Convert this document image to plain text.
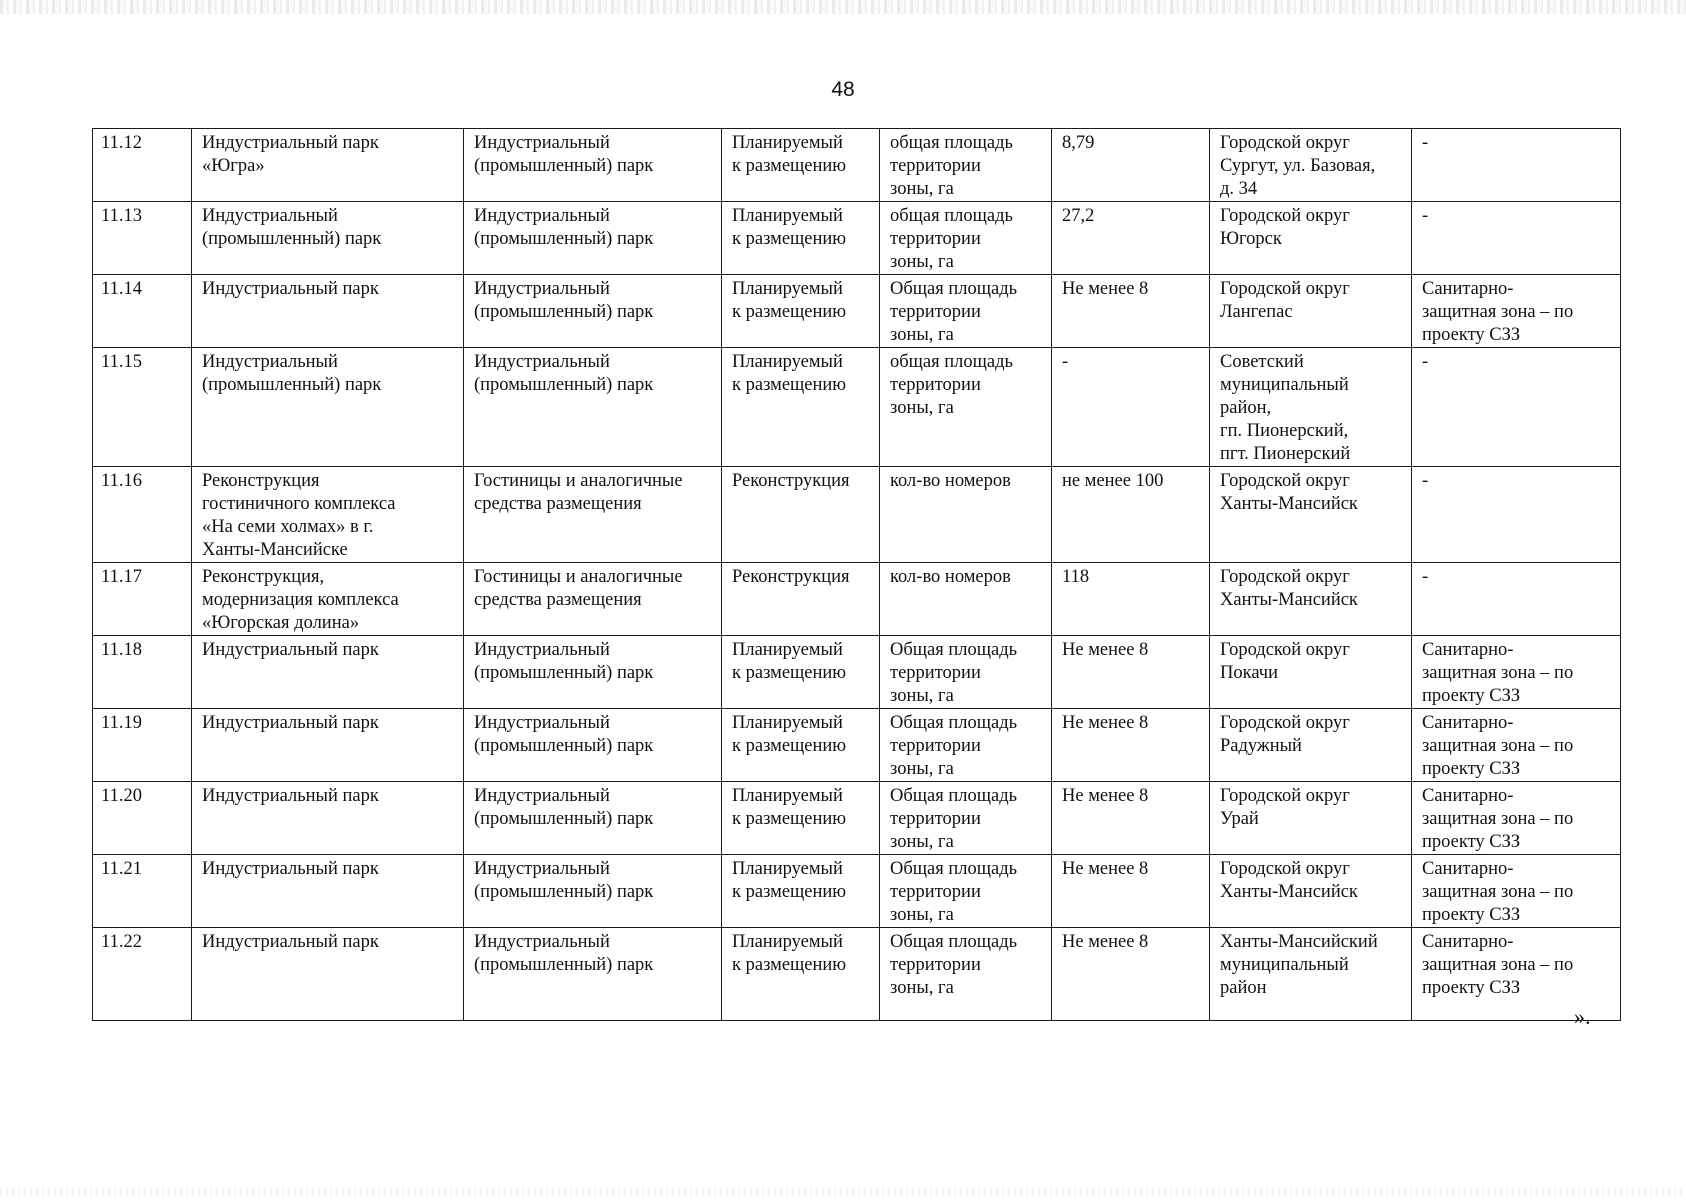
48
11.12	Индустриальный парк
«Югра»	Индустриальный
(промышленный) парк	Планируемый
к размещению	общая площадь
территории
зоны, га	8,79	Городской округ
Сургут, ул. Базовая,
д. 34	-
11.13	Индустриальный
(промышленный) парк	Индустриальный
(промышленный) парк	Планируемый
к размещению	общая площадь
территории
зоны, га	27,2	Городской округ
Югорск	-
11.14	Индустриальный парк	Индустриальный
(промышленный) парк	Планируемый
к размещению	Общая площадь
территории
зоны, га	Не менее 8	Городской округ
Лангепас	Санитарно-
защитная зона – по
проекту СЗЗ
11.15	Индустриальный
(промышленный) парк	Индустриальный
(промышленный) парк	Планируемый
к размещению	общая площадь
территории
зоны, га	-	Советский
муниципальный
район,
гп. Пионерский,
пгт. Пионерский	-
11.16	Реконструкция
гостиничного комплекса
«На семи холмах» в г.
Ханты-Мансийске	Гостиницы и аналогичные
средства размещения	Реконструкция	кол-во номеров	не менее 100	Городской округ
Ханты-Мансийск	-
11.17	Реконструкция,
модернизация комплекса
«Югорская долина»	Гостиницы и аналогичные
средства размещения	Реконструкция	кол-во номеров	118	Городской округ
Ханты-Мансийск	-
11.18	Индустриальный парк	Индустриальный
(промышленный) парк	Планируемый
к размещению	Общая площадь
территории
зоны, га	Не менее 8	Городской округ
Покачи	Санитарно-
защитная зона – по
проекту СЗЗ
11.19	Индустриальный парк	Индустриальный
(промышленный) парк	Планируемый
к размещению	Общая площадь
территории
зоны, га	Не менее 8	Городской округ
Радужный	Санитарно-
защитная зона – по
проекту СЗЗ
11.20	Индустриальный парк	Индустриальный
(промышленный) парк	Планируемый
к размещению	Общая площадь
территории
зоны, га	Не менее 8	Городской округ
Урай	Санитарно-
защитная зона – по
проекту СЗЗ
11.21	Индустриальный парк	Индустриальный
(промышленный) парк	Планируемый
к размещению	Общая площадь
территории
зоны, га	Не менее 8	Городской округ
Ханты-Мансийск	Санитарно-
защитная зона – по
проекту СЗЗ
11.22	Индустриальный парк	Индустриальный
(промышленный) парк	Планируемый
к размещению	Общая площадь
территории
зоны, га	Не менее 8	Ханты-Мансийский
муниципальный
район	Санитарно-
защитная зона – по
проекту СЗЗ
».
